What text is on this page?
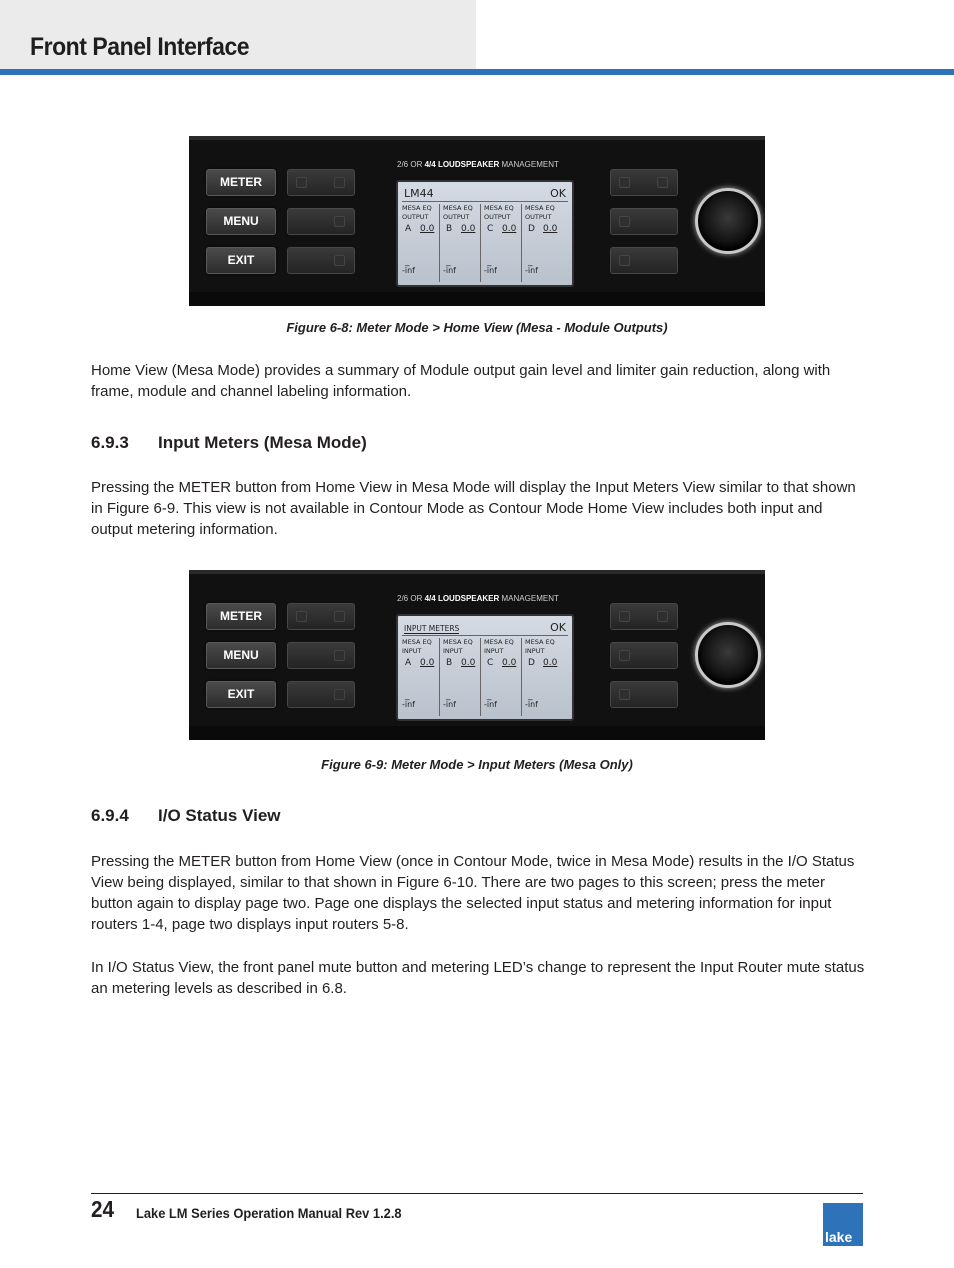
Front Panel Interface
METER
MENU
EXIT
2/6 OR 4/4 LOUDSPEAKER MANAGEMENT
LM44	OK
MESA EQ
OUTPUT
A 0.0
_
-inf
MESA EQ
OUTPUT
B 0.0
_
-inf
MESA EQ
OUTPUT
C 0.0
_
-inf
MESA EQ
OUTPUT
D 0.0
_
-inf
Figure 6-8: Meter Mode > Home View (Mesa - Module Outputs)
Home View (Mesa Mode) provides a summary of Module output gain level and limiter gain reduction, along with frame, module and channel labeling information.
6.9.3 Input Meters (Mesa Mode)
Pressing the METER button from Home View in Mesa Mode will display the Input Meters View similar to that shown in Figure 6-9. This view is not available in Contour Mode as Contour Mode Home View includes both input and output metering information.
METER
MENU
EXIT
2/6 OR 4/4 LOUDSPEAKER MANAGEMENT
INPUT METERS	OK
MESA EQ
INPUT
A 0.0
_
-inf
MESA EQ
INPUT
B 0.0
_
-inf
MESA EQ
INPUT
C 0.0
_
-inf
MESA EQ
INPUT
D 0.0
_
-inf
Figure 6-9: Meter Mode > Input Meters (Mesa Only)
6.9.4 I/O Status View
Pressing the METER button from Home View (once in Contour Mode, twice in Mesa Mode) results in the I/O Status View being displayed, similar to that shown in Figure 6-10. There are two pages to this screen; press the meter button again to display page two. Page one displays the selected input status and metering information for input routers 1-4, page two displays input routers 5-8.
In I/O Status View, the front panel mute button and metering LED’s change to represent the Input Router mute status an metering levels as described in 6.8.
24 Lake LM Series Operation Manual Rev 1.2.8
lake
